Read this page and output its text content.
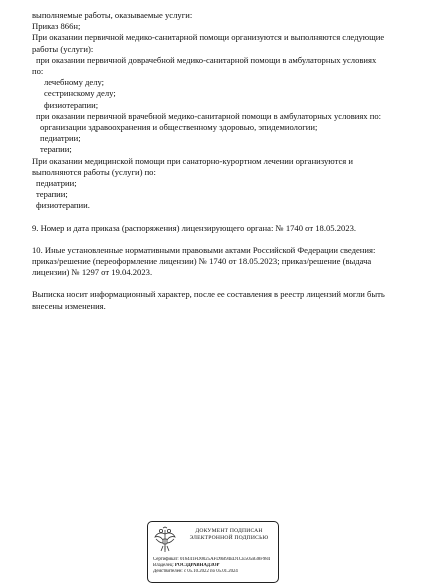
выполняемые работы, оказываемые услуги:
Приказ 866н;
При оказании первичной медико-санитарной помощи организуются и выполняются следующие
работы (услуги):
при оказании первичной доврачебной медико-санитарной помощи в амбулаторных условиях
по:
лечебному делу;
сестринскому делу;
физиотерапии;
при оказании первичной врачебной медико-санитарной помощи в амбулаторных условиях по:
организации здравоохранения и общественному здоровью, эпидемиологии;
педиатрии;
терапии;
При оказании медицинской помощи при санаторно-курортном лечении организуются и
выполняются работы (услуги) по:
педиатрии;
терапии;
физиотерапии.
9. Номер и дата приказа (распоряжения) лицензирующего органа: № 1740 от 18.05.2023.
10. Иные установленные нормативными правовыми актами Российской Федерации сведения:
приказ/решение (переоформление лицензии) № 1740 от 18.05.2023; приказ/решение (выдача
лицензии) № 1297 от 19.04.2023.
Выписка носит информационный характер, после ее составления в реестр лицензий могли быть
внесены изменения.
ДОКУМЕНТ ПОДПИСАН
ЭЛЕКТРОННОЙ ПОДПИСЬЮ
Сертификат: 016441FD0025AFD9B94ED1CE505B38F984
Владелец: РОСЗДРАВНАДЗОР
Действителен: с 05.10.2022 по 05.01.2024
